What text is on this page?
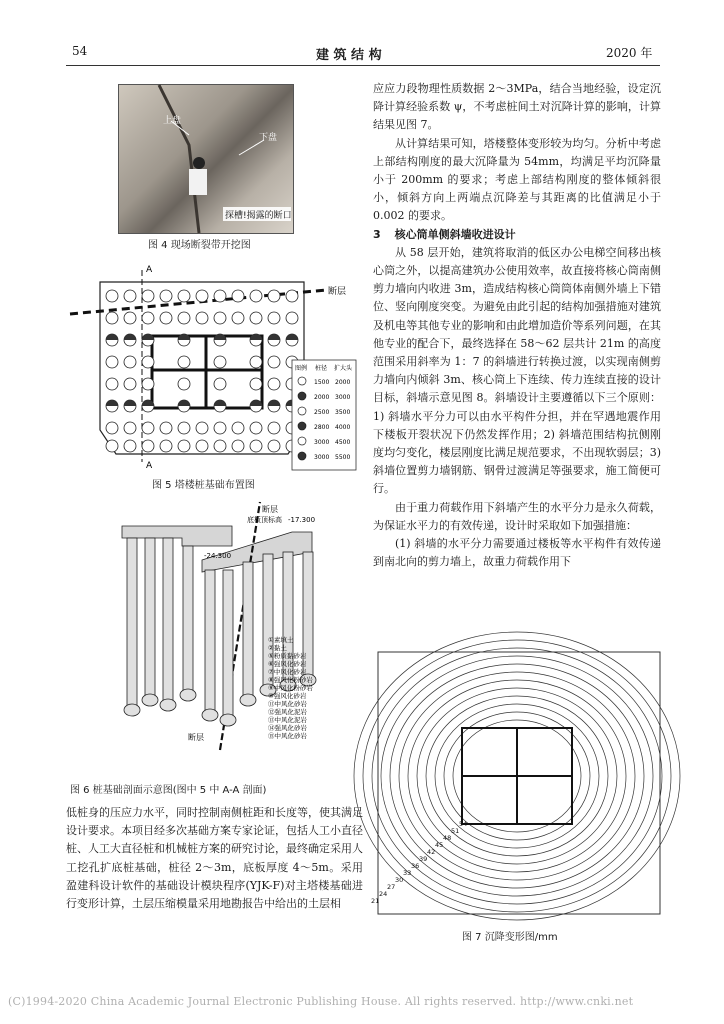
54	建 筑 结 构	2020 年
上盘
下盘
探槽!揭露的断口
图 4 现场断裂带开挖图
A
A
断层
图例 桩径 扩大头
1500 2000
2000 3000
2500 3500
2800 4000
3000 4500
3000 5500
图 5 塔楼桩基础布置图
断层
断层
底板顶标高 -17.300
-24.300
①素填土
②黏土
⑤粉质黏砂岩
⑥强风化砂岩
⑦中风化砂岩
⑧强风化粉砂岩
⑨中风化粉砂岩
⑩强风化砂岩
⑪中风化砂岩
⑫强风化泥岩
⑬中风化泥岩
⑭强风化砂岩
⑮中风化砂岩
图 6 桩基础剖面示意图(图中 5 中 A-A 剖面)

低桩身的压应力水平，同时控制南侧桩距和长度等，使其满足设计要求。本项目经多次基础方案专家论证，包括人工小直径桩、人工大直径桩和机械桩方案的研究讨论，最终确定采用人工挖孔扩底桩基础，桩径 2～3m，底板厚度 4～5m。采用盈建科设计软件的基础设计模块程序(YJK-F)对主塔楼基础进行变形计算，土层压缩模量采用地勘报告中给出的土层相

应应力段物理性质数据 2～3MPa，结合当地经验，设定沉降计算经验系数 ψ，不考虑桩间土对沉降计算的影响，计算结果见图 7。

从计算结果可知，塔楼整体变形较为均匀。分析中考虑上部结构刚度的最大沉降量为 54mm，均满足平均沉降量小于 200mm 的要求；考虑上部结构刚度的整体倾斜很小，倾斜方向上两端点沉降差与其距离的比值满足小于 0.002 的要求。

3 核心筒单侧斜墙收进设计

从 58 层开始，建筑将取消的低区办公电梯空间移出核心筒之外，以提高建筑办公使用效率，故直接将核心筒南侧剪力墙向内收进 3m，造成结构核心筒筒体南侧外墙上下错位、竖向刚度突变。为避免由此引起的结构加强措施对建筑及机电等其他专业的影响和由此增加造价等系列问题，在其他专业的配合下，最终选择在 58～62 层共计 21m 的高度范围采用斜率为 1：7 的斜墙进行转换过渡，以实现南侧剪力墙向内倾斜 3m、核心筒上下连续、传力连续直接的设计目标，斜墙示意见图 8。斜墙设计主要遵循以下三个原则：1) 斜墙水平分力可以由水平构件分担，并在罕遇地震作用下楼板开裂状况下仍然发挥作用；2) 斜墙范围结构抗侧刚度均匀变化，楼层刚度比满足规范要求，不出现软弱层；3) 斜墙位置剪力墙钢筋、钢骨过渡满足等强要求，施工简便可行。

由于重力荷载作用下斜墙产生的水平分力是永久荷载，为保证水平力的有效传递，设计时采取如下加强措施：

(1) 斜墙的水平分力需要通过楼板等水平构件有效传递到南北向的剪力墙上，故重力荷载作用下

21
24
27
30
33
36
39
42
45
48
51
54
图 7 沉降变形图/mm
(C)1994-2020 China Academic Journal Electronic Publishing House. All rights reserved. http://www.cnki.net
